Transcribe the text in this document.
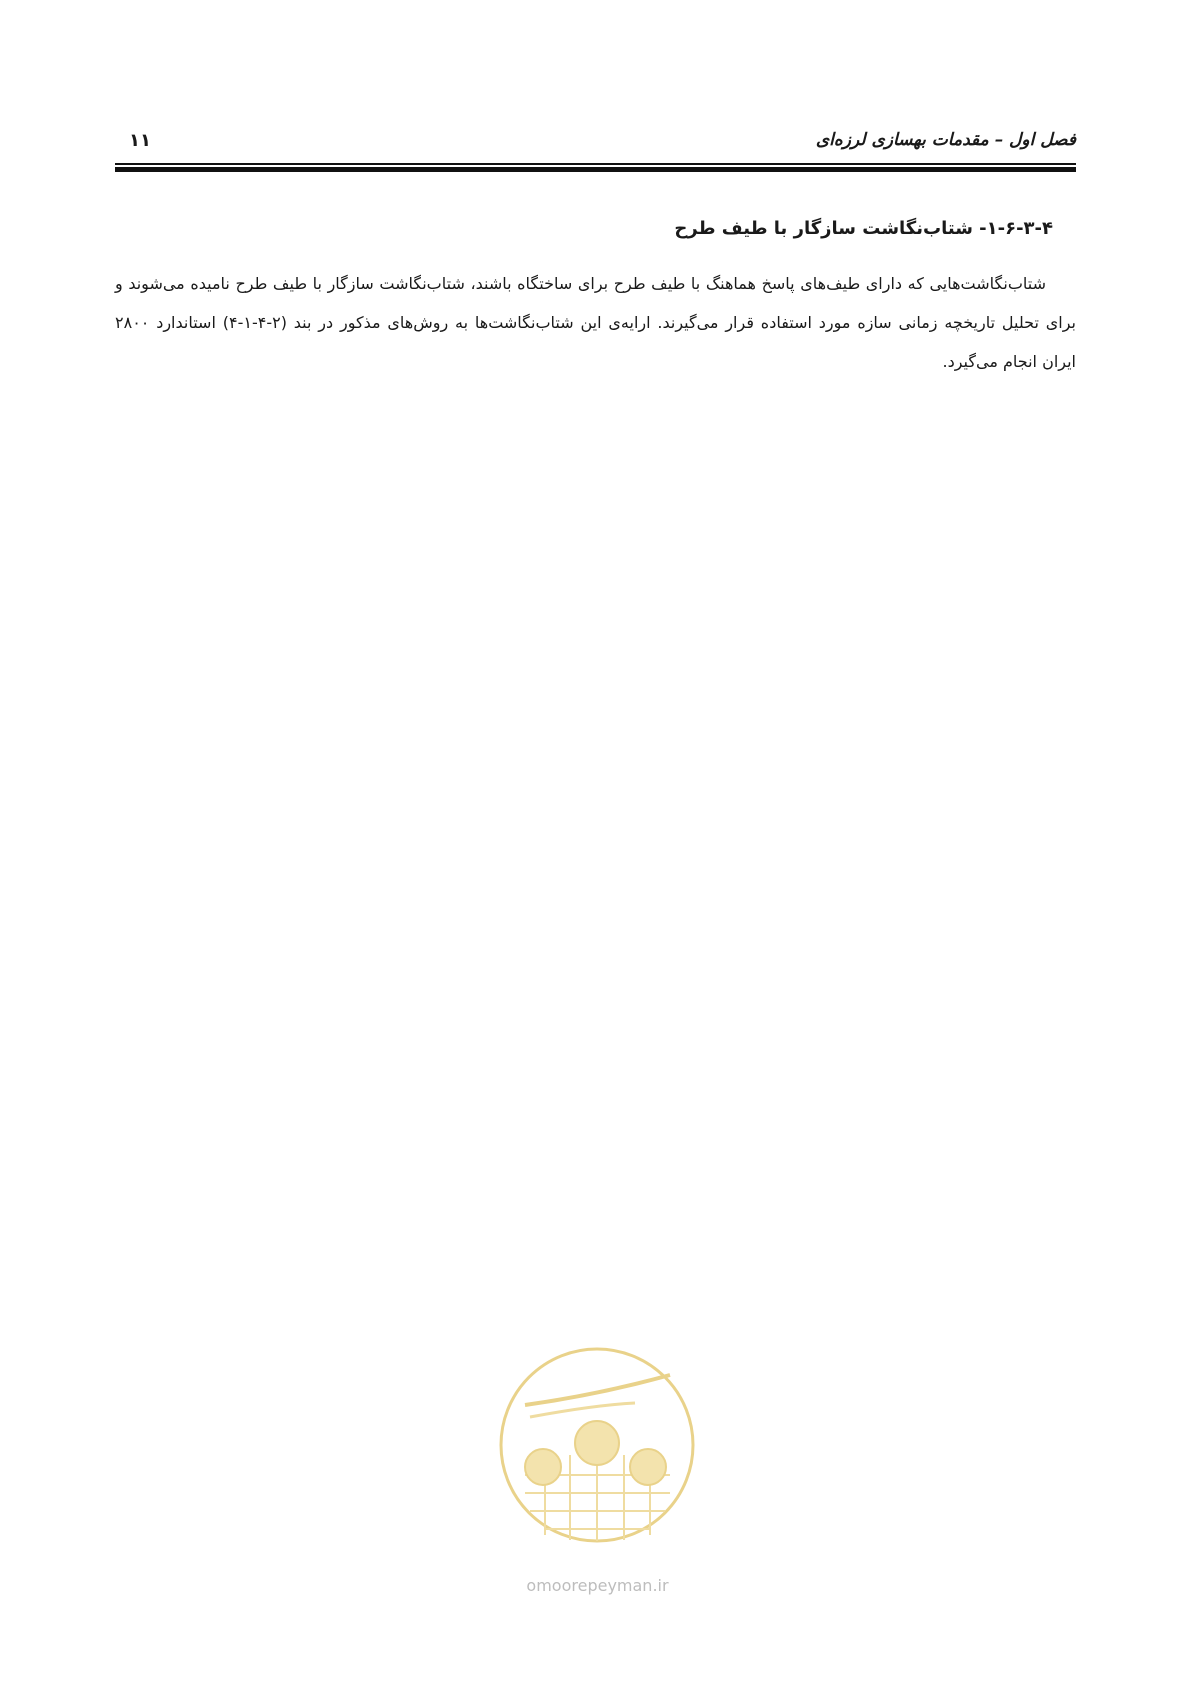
فصل اول – مقدمات بهسازی لرزه‌ای
۱۱
۱-۶-۳-۴- شتاب‌نگاشت سازگار با طیف طرح
شتاب‌نگاشت‌هایی که دارای طیف‌های پاسخ هماهنگ با طیف طرح برای ساختگاه باشند، شتاب‌نگاشت سازگار با طیف طرح نامیده می‌شوند و برای تحلیل تاریخچه زمانی سازه مورد استفاده قرار می‌گیرند. ارایه‌ی این شتاب‌نگاشت‌ها به روش‌های مذکور در بند (۲-۴-۱-۴) استاندارد ۲۸۰۰ ایران انجام می‌گیرد.
omoorepeyman.ir
